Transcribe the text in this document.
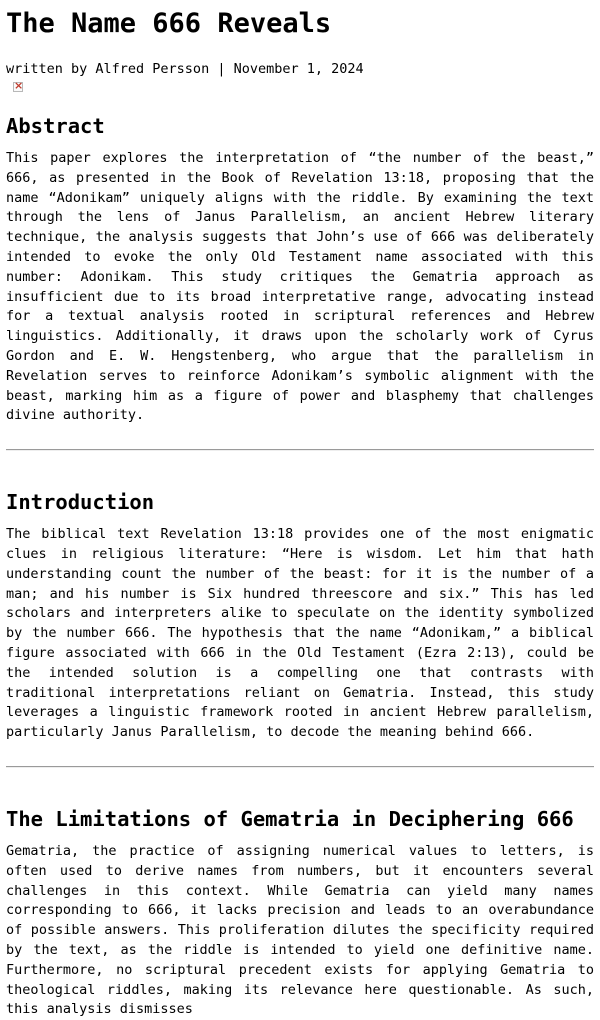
The Name 666 Reveals
written by Alfred Persson | November 1, 2024
×
Abstract

This paper explores the interpretation of “the number of the beast,” 666, as presented in the Book of Revelation 13:18, proposing that the name “Adonikam” uniquely aligns with the riddle. By examining the text through the lens of Janus Parallelism, an ancient Hebrew literary technique, the analysis suggests that John’s use of 666 was deliberately intended to evoke the only Old Testament name associated with this number: Adonikam. This study critiques the Gematria approach as insufficient due to its broad interpretative range, advocating instead for a textual analysis rooted in scriptural references and Hebrew linguistics. Additionally, it draws upon the scholarly work of Cyrus Gordon and E. W. Hengstenberg, who argue that the parallelism in Revelation serves to reinforce Adonikam’s symbolic alignment with the beast, marking him as a figure of power and blasphemy that challenges divine authority.

Introduction

The biblical text Revelation 13:18 provides one of the most enigmatic clues in religious literature: “Here is wisdom. Let him that hath understanding count the number of the beast: for it is the number of a man; and his number is Six hundred threescore and six.” This has led scholars and interpreters alike to speculate on the identity symbolized by the number 666. The hypothesis that the name “Adonikam,” a biblical figure associated with 666 in the Old Testament (Ezra 2:13), could be the intended solution is a compelling one that contrasts with traditional interpretations reliant on Gematria. Instead, this study leverages a linguistic framework rooted in ancient Hebrew parallelism, particularly Janus Parallelism, to decode the meaning behind 666.

The Limitations of Gematria in Deciphering 666

Gematria, the practice of assigning numerical values to letters, is often used to derive names from numbers, but it encounters several challenges in this context. While Gematria can yield many names corresponding to 666, it lacks precision and leads to an overabundance of possible answers. This proliferation dilutes the specificity required by the text, as the riddle is intended to yield one definitive name. Furthermore, no scriptural precedent exists for applying Gematria to theological riddles, making its relevance here questionable. As such, this analysis dismisses
